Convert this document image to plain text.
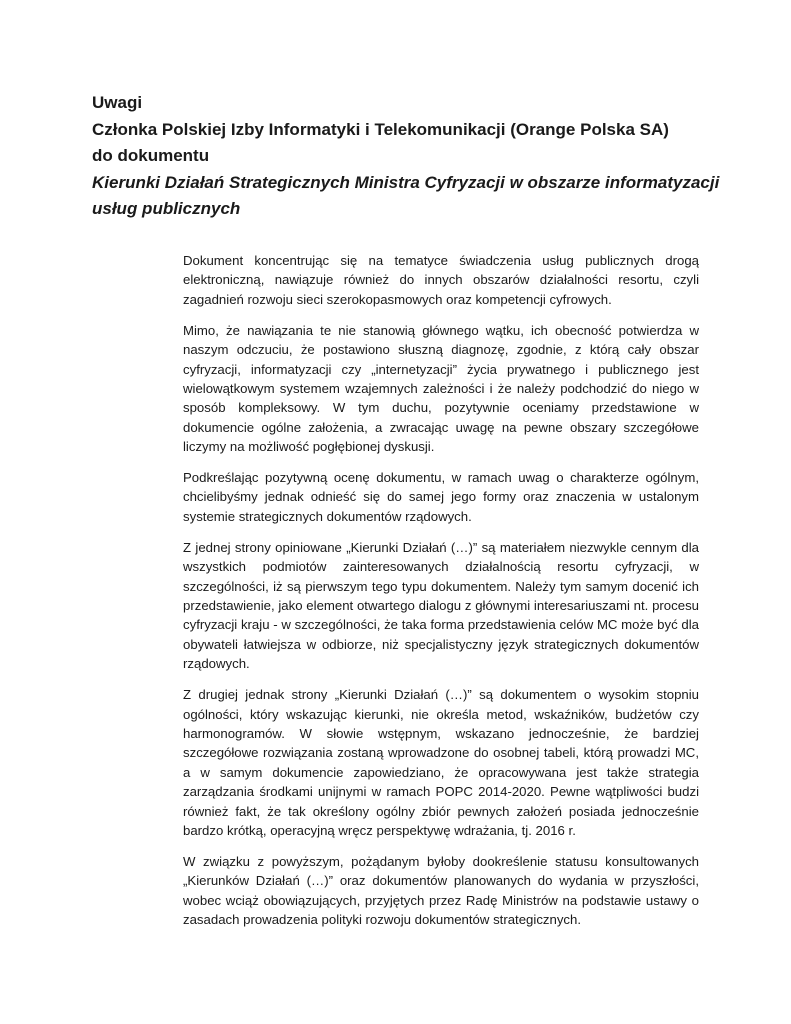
Uwagi
Członka Polskiej Izby Informatyki i Telekomunikacji (Orange Polska SA)
do dokumentu
Kierunki Działań Strategicznych Ministra Cyfryzacji w obszarze informatyzacji usług publicznych

Dokument koncentrując się na tematyce świadczenia usług publicznych drogą elektroniczną, nawiązuje również do innych obszarów działalności resortu, czyli zagadnień rozwoju sieci szerokopasmowych oraz kompetencji cyfrowych.

Mimo, że nawiązania te nie stanowią głównego wątku, ich obecność potwierdza w naszym odczuciu, że postawiono słuszną diagnozę, zgodnie, z którą cały obszar cyfryzacji, informatyzacji czy „internetyzacji” życia prywatnego i publicznego jest wielowątkowym systemem wzajemnych zależności i że należy podchodzić do niego w sposób kompleksowy. W tym duchu, pozytywnie oceniamy przedstawione w dokumencie ogólne założenia, a zwracając uwagę na pewne obszary szczegółowe liczymy na możliwość pogłębionej dyskusji.

Podkreślając pozytywną ocenę dokumentu, w ramach uwag o charakterze ogólnym, chcielibyśmy jednak odnieść się do samej jego formy oraz znaczenia w ustalonym systemie strategicznych dokumentów rządowych.

Z jednej strony opiniowane „Kierunki Działań (…)” są materiałem niezwykle cennym dla wszystkich podmiotów zainteresowanych działalnością resortu cyfryzacji, w szczególności, iż są pierwszym tego typu dokumentem. Należy tym samym docenić ich przedstawienie, jako element otwartego dialogu z głównymi interesariuszami nt. procesu cyfryzacji kraju - w szczególności, że taka forma przedstawienia celów MC może być dla obywateli łatwiejsza w odbiorze, niż specjalistyczny język strategicznych dokumentów rządowych.

Z drugiej jednak strony „Kierunki Działań (…)” są dokumentem o wysokim stopniu ogólności, który wskazując kierunki, nie określa metod, wskaźników, budżetów czy harmonogramów. W słowie wstępnym, wskazano jednocześnie, że bardziej szczegółowe rozwiązania zostaną wprowadzone do osobnej tabeli, którą prowadzi MC, a w samym dokumencie zapowiedziano, że opracowywana jest także strategia zarządzania środkami unijnymi w ramach POPC 2014-2020. Pewne wątpliwości budzi również fakt, że tak określony ogólny zbiór pewnych założeń posiada jednocześnie bardzo krótką, operacyjną wręcz perspektywę wdrażania, tj. 2016 r.

W związku z powyższym, pożądanym byłoby dookreślenie statusu konsultowanych „Kierunków Działań (…)” oraz dokumentów planowanych do wydania w przyszłości, wobec wciąż obowiązujących, przyjętych przez Radę Ministrów na podstawie ustawy o zasadach prowadzenia polityki rozwoju dokumentów strategicznych.
